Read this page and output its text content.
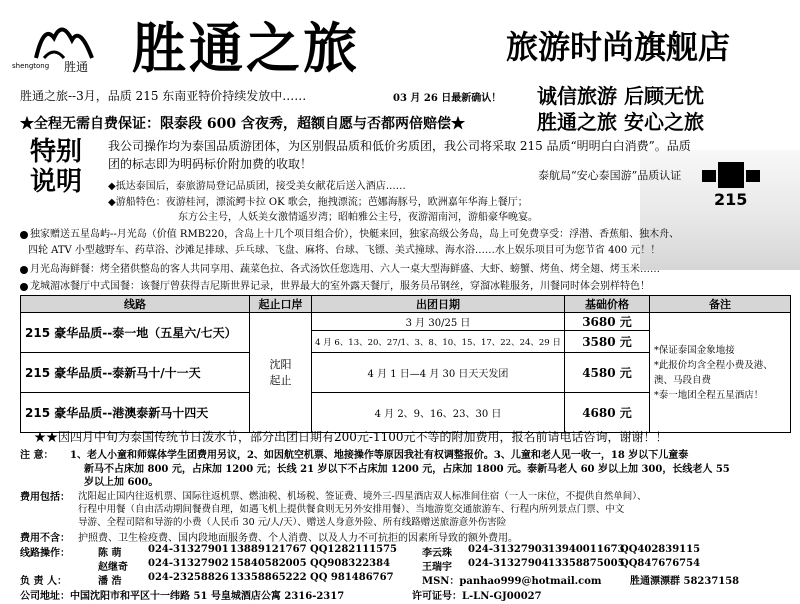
shengtong 胜通 胜通之旅	旅游时尚旗舰店
胜通之旅--3月，品质 215 东南亚特价持续发放中……	03 月 26 日最新确认！ 诚信旅游 后顾无忧
胜通之旅 安心之旅
★全程无需自费保证：限泰段 600 含夜秀，超额自愿与否都两倍赔偿★
特别说明
我公司操作均为泰国品质游团体，为区别假品质和低价劣质团，我公司将采取 215 品质“明明白白消费”。品质
团的标志即为明码标价附加费的收取！
泰航局“安心泰国游”品质认证
◆抵达泰国后，泰旅游局登记品质团，接受美女献花后送入酒店……
◆游船特色：夜游桂河，漂流鳄卡拉 OK 歌会，拖拽漂流；芭娜海豚号，欧洲嘉年华海上餐厅；
东方公主号，人妖美女激情遥岁湾；昭帕雅公主号，夜游湄南河，游船豪华晚宴。
215
独家赠送五星岛屿--月光岛（价值 RMB220，含岛上十几个项目组合价），快艇来回，独家高级公务岛，岛上可免费享受：浮潜、香蕉船、独木舟、
四轮 ATV 小型越野车、药草浴、沙滩足排球、乒乓球、飞盘、麻将、台球、飞镖、美式撞球、海水浴……水上娱乐项目可为您节省 400 元！！
月光岛海鲜餐：烤全猪供整岛的客人共同享用、蔬菜色拉、各式汤饮任您选用、六人一桌大型海鲜盛、大虾、螃蟹、烤鱼、烤全翅、烤玉米……
龙城湄冰餐厅中式国餐：该餐厅曾获得吉尼斯世界记录，世界最大的室外露天餐厅，服务员吊钢丝，穿溜冰鞋服务，川餐同时体会别样特色！
线路	起止口岸	出团日期	基础价格	备注
215 豪华品质--泰一地（五星六/七天）	沈阳起止	3 月 30/25 日	3680 元	*保证泰国金象地接
*此报价均含全程小费及港、澳、马段自费
*泰一地团全程五星酒店！

		4 月 6、13、20、27/1、3、8、10、15、17、22、24、29 日	3580 元	
215 豪华品质--泰新马十/十一天		4 月 1 日—4 月 30 日天天发团	4580 元	

215 豪华品质--港澳泰新马十四天		4 月 2、9、16、23、30 日	4680 元	

★★因四月中旬为泰国传统节日泼水节，部分出团日期有200元-1100元不等的附加费用，报名前请电话咨询，谢谢！！
注 意： 1、老人小童和师媒体学生团费用另议，2、如因航空机票、地接操作等原因我社有权调整报价。3、儿童和老人见一收一，18 岁以下儿童泰
新马不占床加 800 元，占床加 1200 元；长线 21 岁以下不占床加 1200 元，占床加 1800 元。泰新马老人 60 岁以上加 300，长线老人 55
岁以上加 600。
费用包括： 沈阳起止国内往返机票、国际往返机票、燃油税、机场税、签证费、境外三-四星酒店双人标准间住宿（一人一床位，不提供自然单间）、
行程中用餐（自由活动期间餐费自理，如遇飞机上提供餐食则无另外安排用餐）、当地游览交通旅游车、行程内所列景点门票、中文
导游、全程司陪和导游的小费（人民币 30 元/人/天）、赠送人身意外险、所有线路赠送旅游意外伤害险
费用不含： 护照费、卫生检疫费、国内段地面服务费、个人消费、以及人力不可抗拒的因素所导致的额外费用。
线路操作：	陈 萌	024-31327901 13889121767 QQ1282111575 李云珠 024-31327903 13940011673
QQ402839115
赵继奇 024-31327902 15840582005 QQ908322384	王瑞宇 024-31327904 13358875005
QQ847676754
负 责 人：	潘 浩	024-23258826 13358865222 QQ 981486767	MSN：panhao999@hotmail.com	胜通漂漂群 58237158
公司地址：中国沈阳市和平区十一纬路 51 号皇城酒店公寓 2316-2317	许可证号：L-LN-GJ00027
